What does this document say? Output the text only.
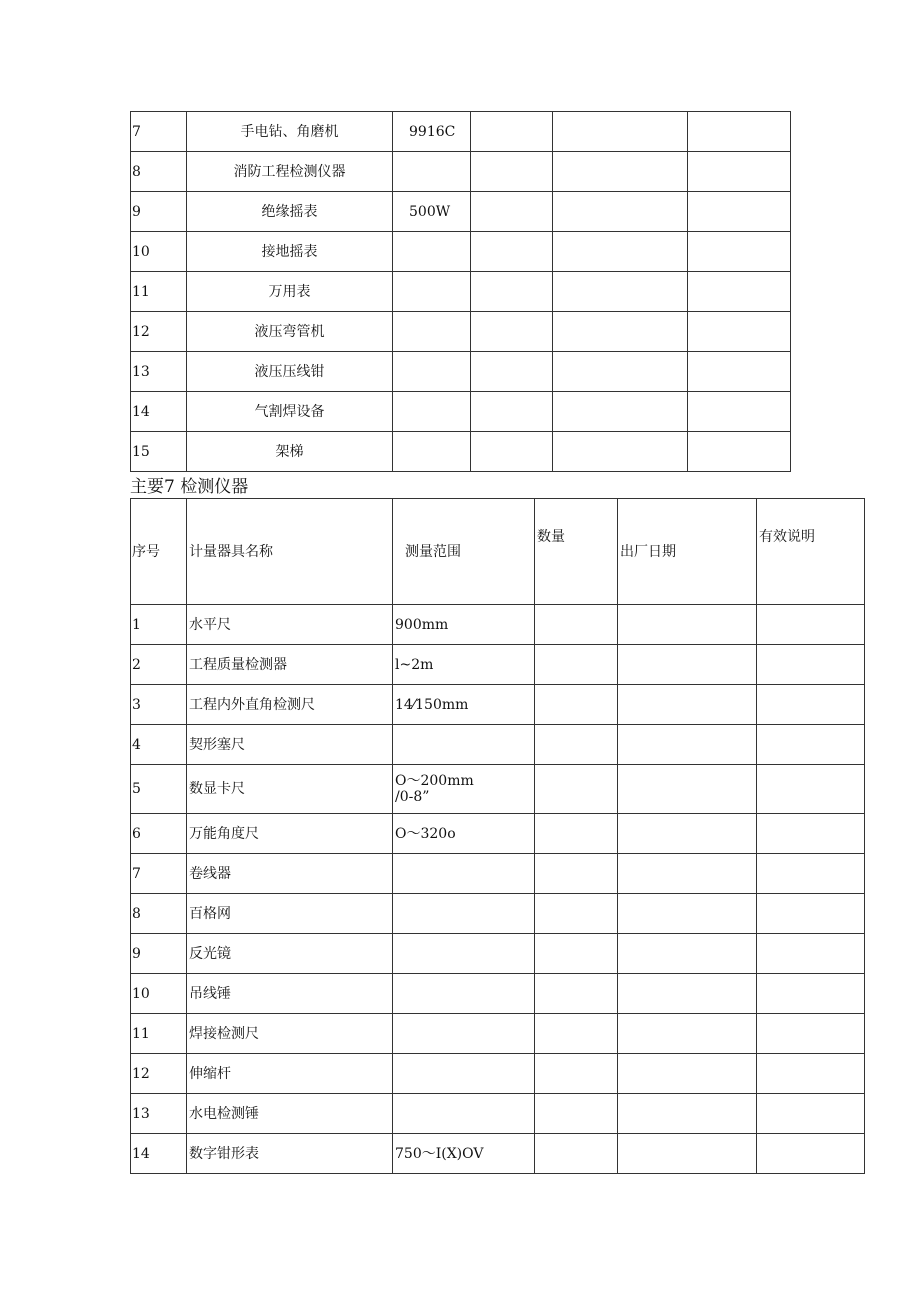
7	手电钻、角磨机	9916C			
8	消防工程检测仪器				
9	绝缘摇表	500W			
10	接地摇表				
11	万用表				
12	液压弯管机				
13	液压压线钳				
14	气割焊设备				
15	架梯				
主要7 检测仪器
序号	计量器具名称	测量范围	数量	出厂日期	有效说明
1	水平尺	900mm			

2	工程质量检测器	l~2m			

3	工程内外直角检测尺	14⁄150mm			

4	契形塞尺	

5	数显卡尺	O～200mm
/0-8”			

6	万能角度尺	O～320o			

7	卷线器	

8	百格网	

9	反光镜	

10	吊线锤	

11	焊接检测尺	

12	伸缩杆	

13	水电检测锤	

14	数字钳形表	750～I(X)OV			
